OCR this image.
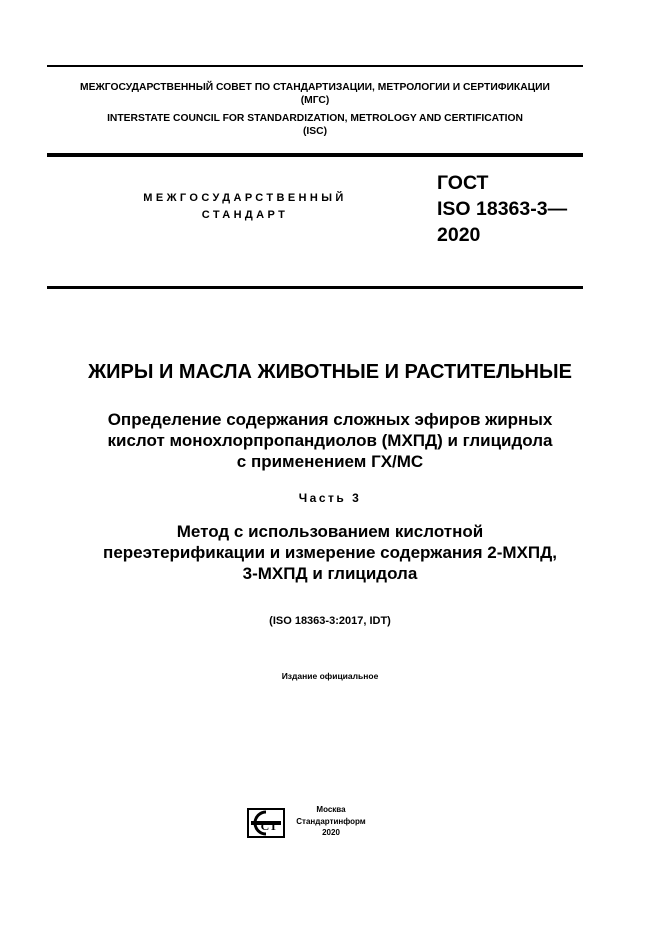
МЕЖГОСУДАРСТВЕННЫЙ СОВЕТ ПО СТАНДАРТИЗАЦИИ, МЕТРОЛОГИИ И СЕРТИФИКАЦИИ
(МГС)
INTERSTATE COUNCIL FOR STANDARDIZATION, METROLOGY AND CERTIFICATION
(ISC)
МЕЖГОСУДАРСТВЕННЫЙ
СТАНДАРТ
ГОСТ
ISO 18363-3—
2020
ЖИРЫ И МАСЛА ЖИВОТНЫЕ И РАСТИТЕЛЬНЫЕ
Определение содержания сложных эфиров жирных
кислот монохлорпропандиолов (МХПД) и глицидола
с применением ГХ/МС
Часть 3
Метод с использованием кислотной
переэтерификации и измерение содержания 2-МХПД,
3-МХПД и глицидола
(ISO 18363-3:2017, IDT)
Издание официальное
СТ
Москва
Стандартинформ
2020
